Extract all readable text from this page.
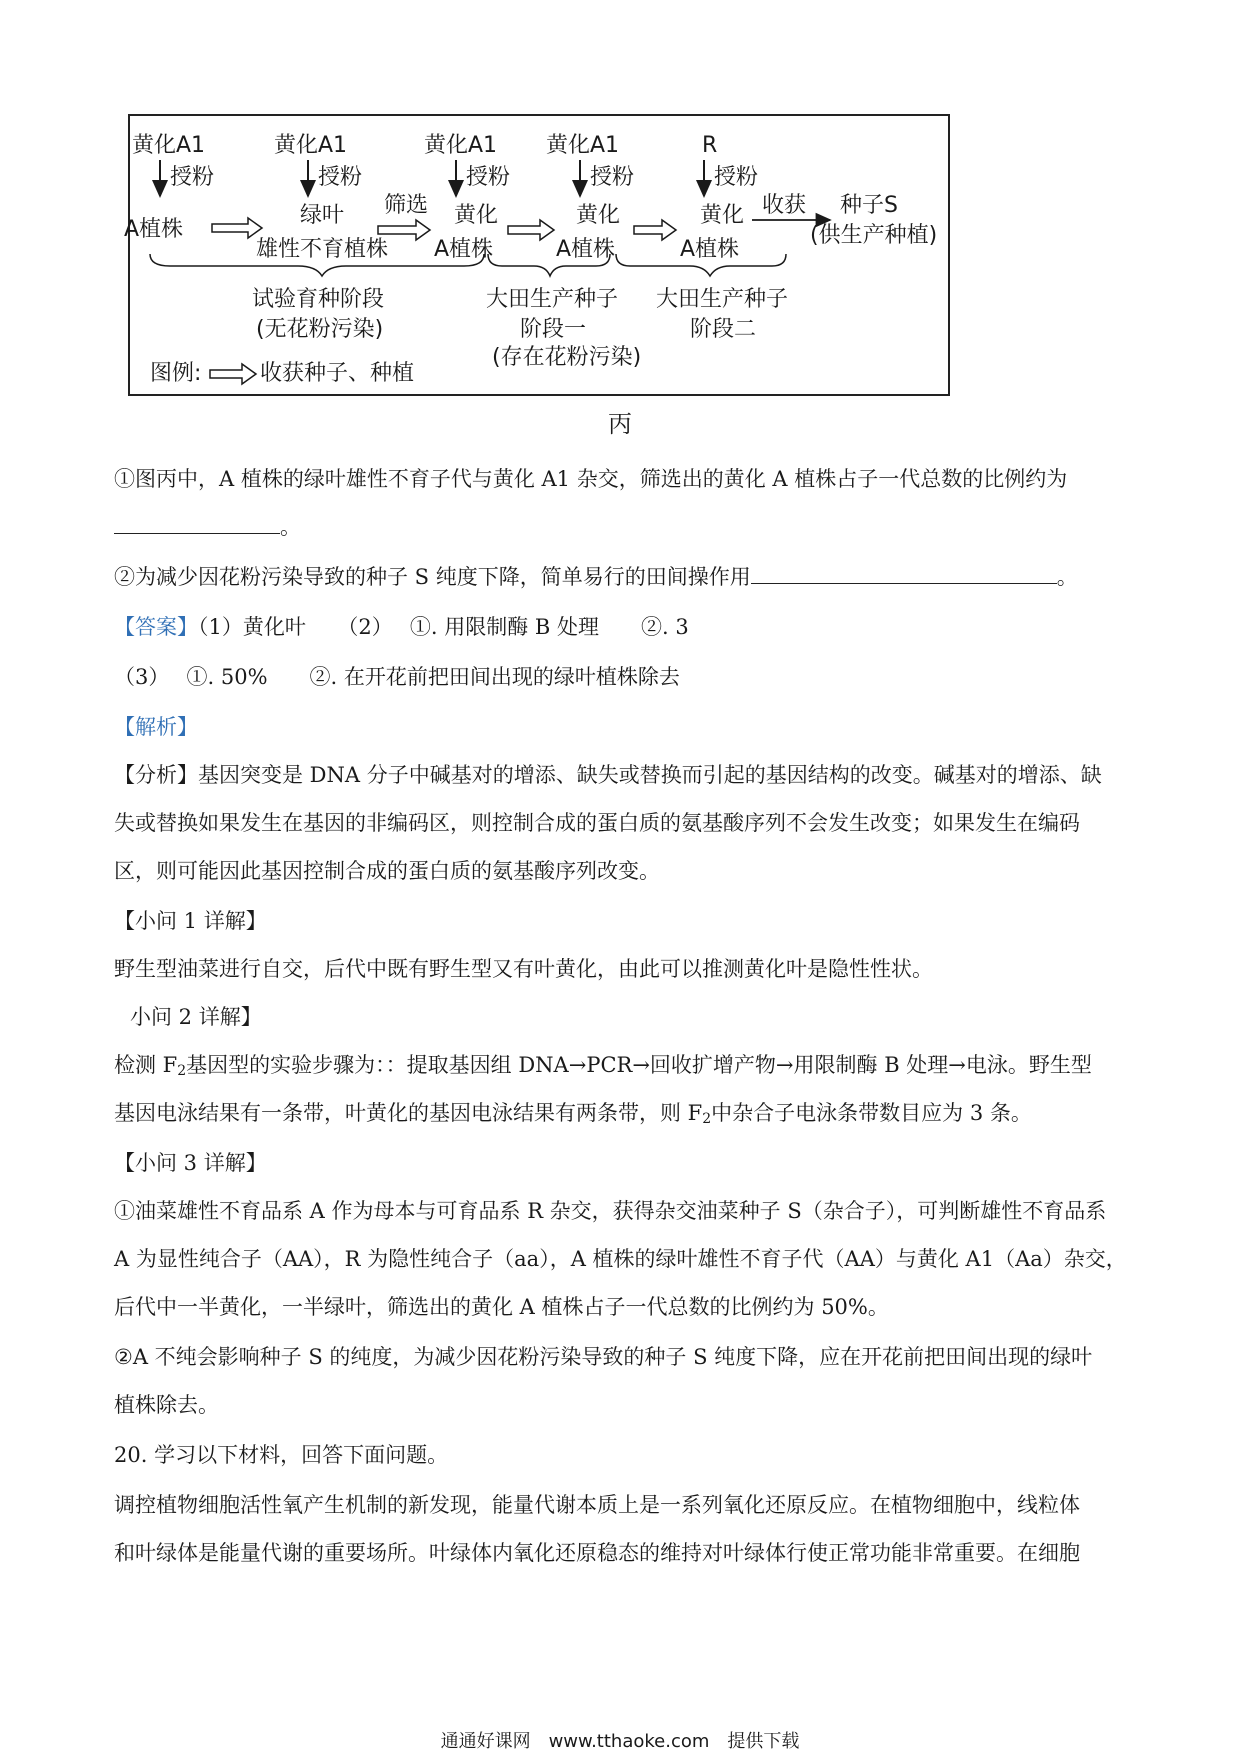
黄化A1
授粉
A植株
黄化A1
授粉
绿叶
雄性不育植株
筛选
黄化A1
授粉
黄化
A植株
黄化A1
授粉
黄化
A植株
R
授粉
黄化
A植株
收获 种子S
(供生产种植)
试验育种阶段
(无花粉污染)
大田生产种子
阶段一
(存在花粉污染)
大田生产种子
阶段二
图例:	收获种子、种植
丙
①图丙中，A 植株的绿叶雄性不育子代与黄化 A1 杂交，筛选出的黄化 A 植株占子一代总数的比例约为
。
②为减少因花粉污染导致的种子 S 纯度下降，简单易行的田间操作用	。
【答案】（1）黄化叶　　（2）　 ①. 用限制酶 B 处理　　②. 3
（3）　 ①. 50%　　②. 在开花前把田间出现的绿叶植株除去
【解析】
【分析】基因突变是 DNA 分子中碱基对的增添、缺失或替换而引起的基因结构的改变。碱基对的增添、缺
失或替换如果发生在基因的非编码区，则控制合成的蛋白质的氨基酸序列不会发生改变；如果发生在编码
区，则可能因此基因控制合成的蛋白质的氨基酸序列改变。
【小问 1 详解】
野生型油菜进行自交，后代中既有野生型又有叶黄化，由此可以推测黄化叶是隐性性状。
小问 2 详解】
检测 $F_2$基因型的实验步骤为：：提取基因组 DNA→PCR→回收扩增产物→用限制酶 B 处理→电泳。野生型
基因电泳结果有一条带，叶黄化的基因电泳结果有两条带，则 $F_2$中杂合子电泳条带数目应为 3 条。
【小问 3 详解】
①油菜雄性不育品系 A 作为母本与可育品系 R 杂交，获得杂交油菜种子 S（杂合子），可判断雄性不育品系
A 为显性纯合子（AA），R 为隐性纯合子（aa），A 植株的绿叶雄性不育子代（AA）与黄化 A1（Aa）杂交，
后代中一半黄化，一半绿叶，筛选出的黄化 A 植株占子一代总数的比例约为 50%。
②A 不纯会影响种子 S 的纯度，为减少因花粉污染导致的种子 S 纯度下降，应在开花前把田间出现的绿叶
植株除去。
20. 学习以下材料，回答下面问题。
调控植物细胞活性氧产生机制的新发现，能量代谢本质上是一系列氧化还原反应。在植物细胞中，线粒体
和叶绿体是能量代谢的重要场所。叶绿体内氧化还原稳态的维持对叶绿体行使正常功能非常重要。在细胞
通通好课网　www.tthaoke.com　提供下载
